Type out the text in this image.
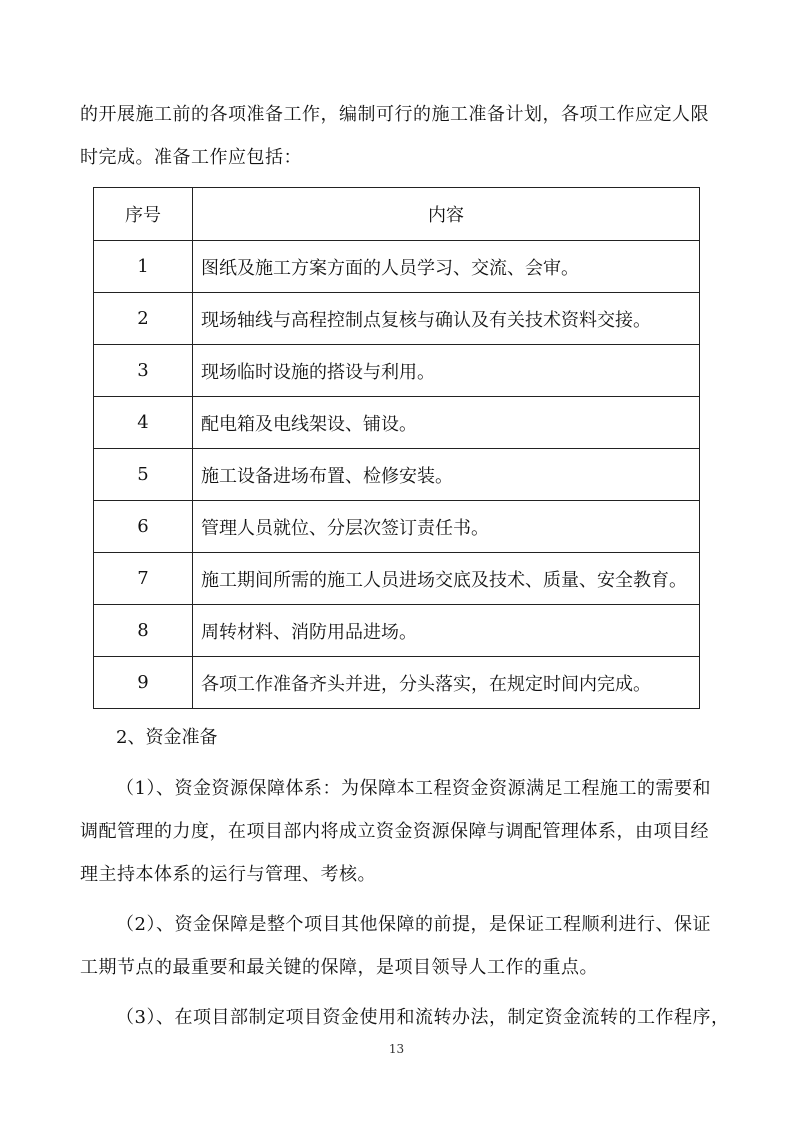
的开展施工前的各项准备工作，编制可行的施工准备计划，各项工作应定人限
时完成。准备工作应包括：
序号	内容
1	图纸及施工方案方面的人员学习、交流、会审。
2	现场轴线与高程控制点复核与确认及有关技术资料交接。
3	现场临时设施的搭设与利用。
4	配电箱及电线架设、铺设。
5	施工设备进场布置、检修安装。
6	管理人员就位、分层次签订责任书。
7	施工期间所需的施工人员进场交底及技术、质量、安全教育。
8	周转材料、消防用品进场。
9	各项工作准备齐头并进，分头落实，在规定时间内完成。
2、资金准备
（1）、资金资源保障体系：为保障本工程资金资源满足工程施工的需要和
调配管理的力度，在项目部内将成立资金资源保障与调配管理体系，由项目经
理主持本体系的运行与管理、考核。
（2）、资金保障是整个项目其他保障的前提，是保证工程顺利进行、保证
工期节点的最重要和最关键的保障，是项目领导人工作的重点。
（3）、在项目部制定项目资金使用和流转办法，制定资金流转的工作程序，
13
